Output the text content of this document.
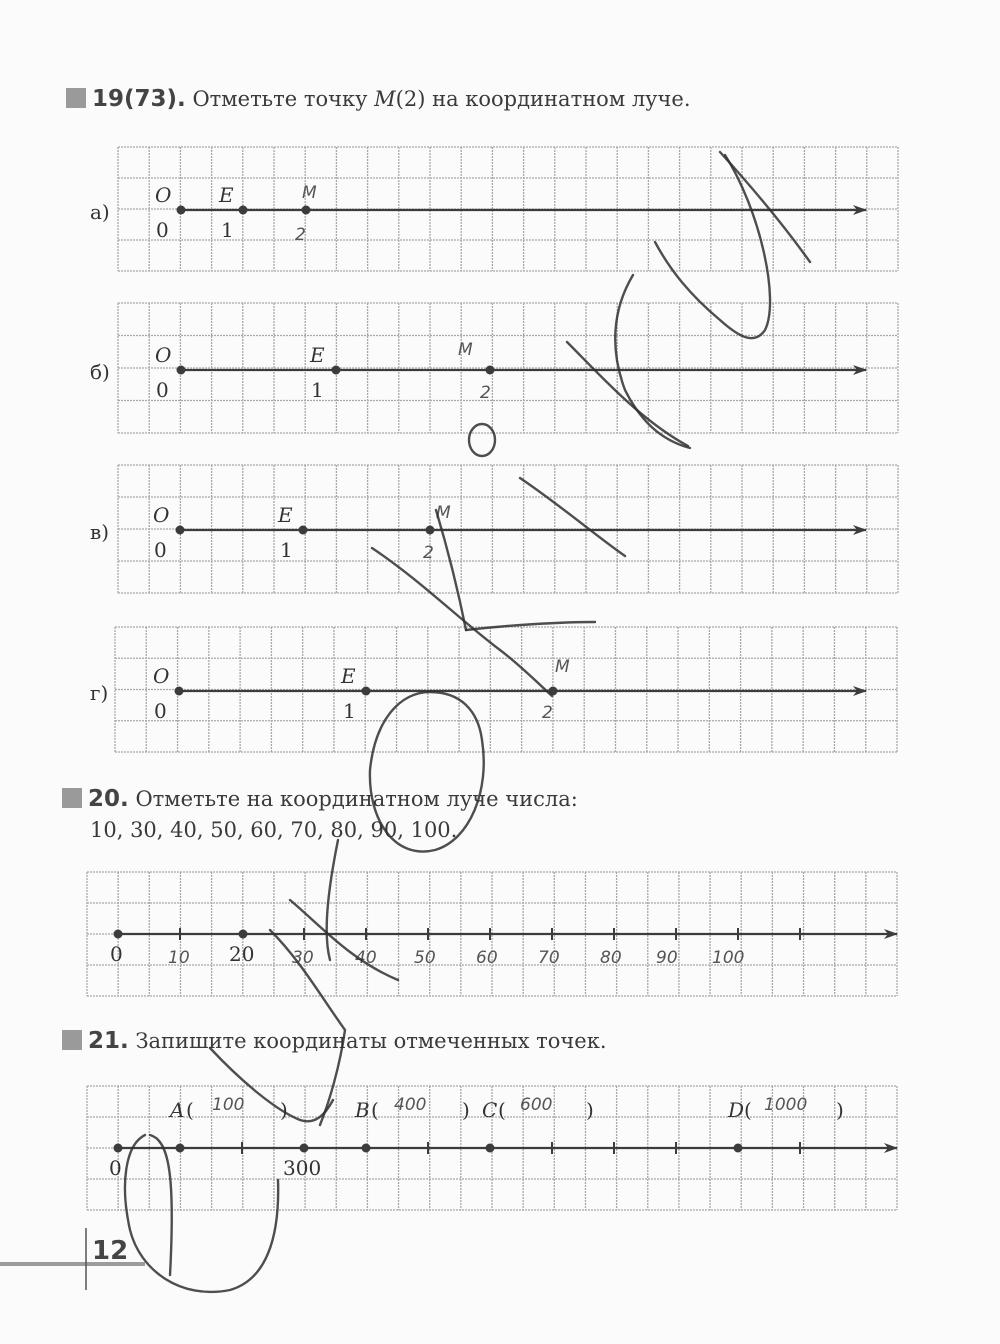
19(73). Отметьте точку M(2) на координатном луче.
20. Отметьте на координатном луче числа:
10, 30, 40, 50, 60, 70, 80, 90, 100.
21. Запишите координаты отмеченных точек.
12
а)
б)
в)
г)
O
0
E
1
M
2
O
0
E
1
M
2
O
0
E
1
M
2
O
0
E
1
M
2
0	20
10	30 40 50 60 70 80 90 100
0	300
A ( 100 )	B ( 400 ) C ( 600 )	D ( 1000 )
